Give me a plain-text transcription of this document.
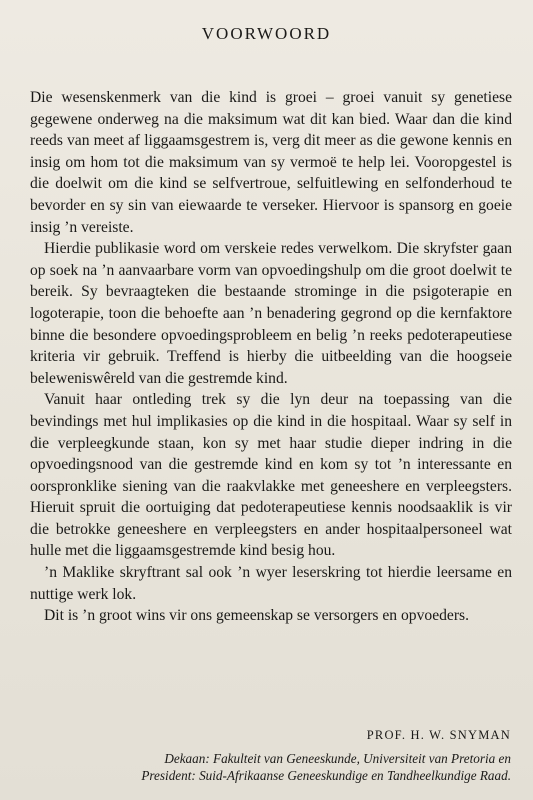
VOORWOORD

Die wesenskenmerk van die kind is groei – groei vanuit sy genetiese gegewene onderweg na die maksimum wat dit kan bied. Waar dan die kind reeds van meet af liggaamsgestrem is, verg dit meer as die gewone kennis en insig om hom tot die maksimum van sy vermoë te help lei. Vooropgestel is die doelwit om die kind se selfvertroue, selfuitlewing en selfonderhoud te bevorder en sy sin van eiewaarde te verseker. Hiervoor is spansorg en goeie insig ’n vereiste.

Hierdie publikasie word om verskeie redes verwelkom. Die skryfster gaan op soek na ’n aanvaarbare vorm van opvoedingshulp om die groot doelwit te bereik. Sy bevraagteken die bestaande strominge in die psigoterapie en logoterapie, toon die behoefte aan ’n benadering gegrond op die kernfaktore binne die besondere opvoedingsprobleem en belig ’n reeks pedoterapeutiese kriteria vir gebruik. Treffend is hierby die uitbeelding van die hoogseie beleweniswêreld van die gestremde kind.

Vanuit haar ontleding trek sy die lyn deur na toepassing van die bevindings met hul implikasies op die kind in die hospitaal. Waar sy self in die verpleegkunde staan, kon sy met haar studie dieper indring in die opvoedingsnood van die gestremde kind en kom sy tot ’n interessante en oorspronklike siening van die raakvlakke met geneeshere en verpleegsters. Hieruit spruit die oortuiging dat pedoterapeutiese kennis noodsaaklik is vir die betrokke geneeshere en verpleegsters en ander hospitaalpersoneel wat hulle met die liggaamsgestremde kind besig hou.

’n Maklike skryftrant sal ook ’n wyer leserskring tot hierdie leersame en nuttige werk lok.

Dit is ’n groot wins vir ons gemeenskap se versorgers en opvoeders.

PROF. H. W. SNYMAN
Dekaan: Fakulteit van Geneeskunde, Universiteit van Pretoria en
President: Suid-Afrikaanse Geneeskundige en Tandheelkundige Raad.
